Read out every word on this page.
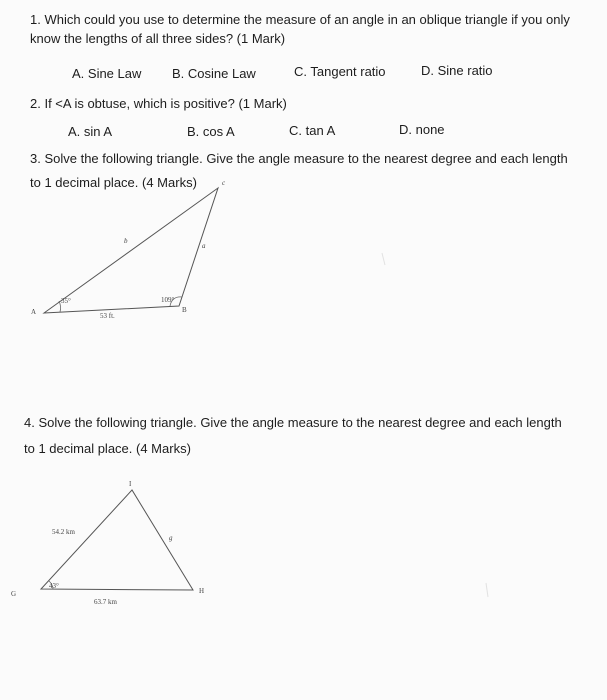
1. Which could you use to determine the measure of an angle in an oblique triangle if you only know the lengths of all three sides? (1 Mark)
A. Sine Law B. Cosine Law	C. Tangent ratio	D. Sine ratio
2. If <A is obtuse, which is positive? (1 Mark)
A. sin A	B. cos A	C. tan A	D. none
3. Solve the following triangle. Give the angle measure to the nearest degree and each length
to 1 decimal place. (4 Marks)
A	B
c
a
b
53 ft.
35°	109°
4. Solve the following triangle. Give the angle measure to the nearest degree and each length
to 1 decimal place. (4 Marks)
G	H
I
54.2 km
63.7 km
g
43°
